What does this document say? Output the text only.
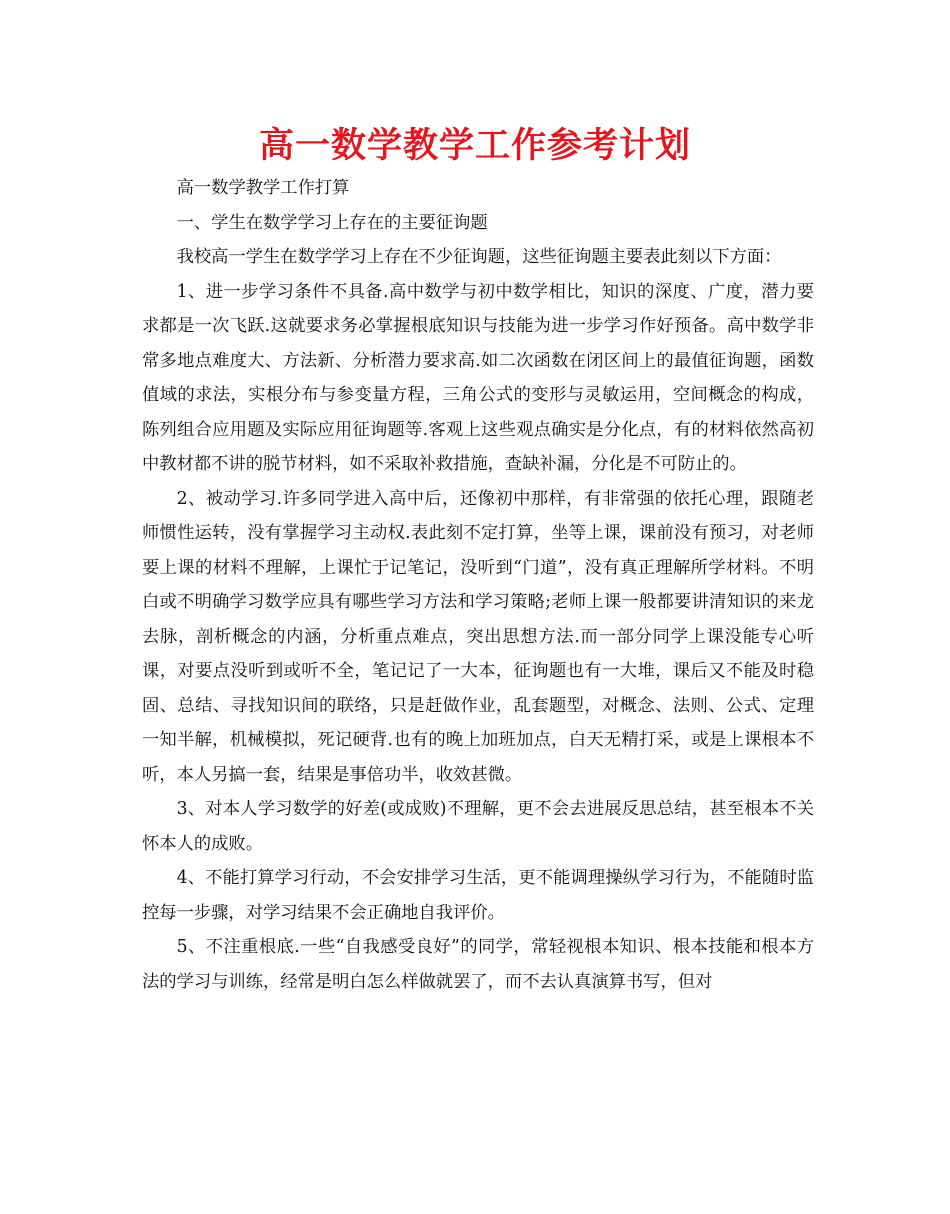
高一数学教学工作参考计划

高一数学教学工作打算

一、学生在数学学习上存在的主要征询题

我校高一学生在数学学习上存在不少征询题，这些征询题主要表此刻以下方面：

1、进一步学习条件不具备.高中数学与初中数学相比，知识的深度、广度，潜力要求都是一次飞跃.这就要求务必掌握根底知识与技能为进一步学习作好预备。高中数学非常多地点难度大、方法新、分析潜力要求高.如二次函数在闭区间上的最值征询题，函数值域的求法，实根分布与参变量方程，三角公式的变形与灵敏运用，空间概念的构成，陈列组合应用题及实际应用征询题等.客观上这些观点确实是分化点，有的材料依然高初中教材都不讲的脱节材料，如不采取补救措施，查缺补漏，分化是不可防止的。

2、被动学习.许多同学进入高中后，还像初中那样，有非常强的依托心理，跟随老师惯性运转，没有掌握学习主动权.表此刻不定打算，坐等上课，课前没有预习，对老师要上课的材料不理解，上课忙于记笔记，没听到“门道”，没有真正理解所学材料。不明白或不明确学习数学应具有哪些学习方法和学习策略;老师上课一般都要讲清知识的来龙去脉，剖析概念的内涵，分析重点难点，突出思想方法.而一部分同学上课没能专心听课，对要点没听到或听不全，笔记记了一大本，征询题也有一大堆，课后又不能及时稳固、总结、寻找知识间的联络，只是赶做作业，乱套题型，对概念、法则、公式、定理一知半解，机械模拟，死记硬背.也有的晚上加班加点，白天无精打采，或是上课根本不听，本人另搞一套，结果是事倍功半，收效甚微。

3、对本人学习数学的好差(或成败)不理解，更不会去进展反思总结，甚至根本不关怀本人的成败。

4、不能打算学习行动，不会安排学习生活，更不能调理操纵学习行为，不能随时监控每一步骤，对学习结果不会正确地自我评价。

5、不注重根底.一些“自我感受良好”的同学，常轻视根本知识、根本技能和根本方法的学习与训练，经常是明白怎么样做就罢了，而不去认真演算书写，但对
